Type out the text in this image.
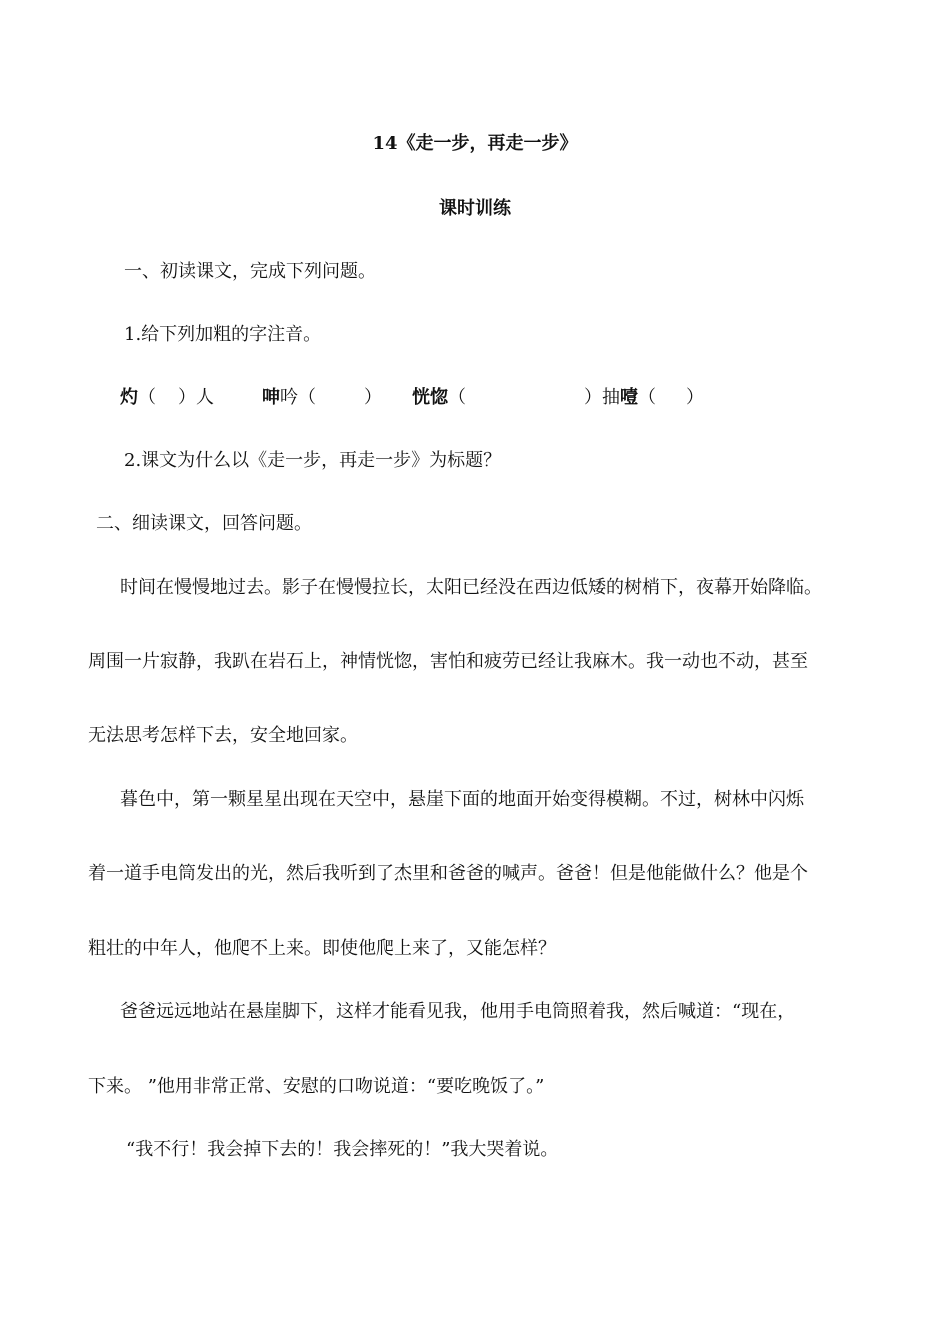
14《走一步，再走一步》
课时训练
一、初读课文，完成下列问题。
1.给下列加粗的字注音。
灼（ ）人	呻吟（	） 恍惚（	）抽噎（ ）
2.课文为什么以《走一步，再走一步》为标题？
二、细读课文，回答问题。
时间在慢慢地过去。影子在慢慢拉长，太阳已经没在西边低矮的树梢下，夜幕开始降临。
周围一片寂静，我趴在岩石上，神情恍惚，害怕和疲劳已经让我麻木。我一动也不动，甚至
无法思考怎样下去，安全地回家。
暮色中，第一颗星星出现在天空中，悬崖下面的地面开始变得模糊。不过，树林中闪烁
着一道手电筒发出的光，然后我听到了杰里和爸爸的喊声。爸爸！但是他能做什么？他是个
粗壮的中年人，他爬不上来。即使他爬上来了，又能怎样？
爸爸远远地站在悬崖脚下，这样才能看见我，他用手电筒照着我，然后喊道：“现在，
下来。 ”他用非常正常、安慰的口吻说道：“要吃晚饭了。”
“我不行！我会掉下去的！我会摔死的！”我大哭着说。
